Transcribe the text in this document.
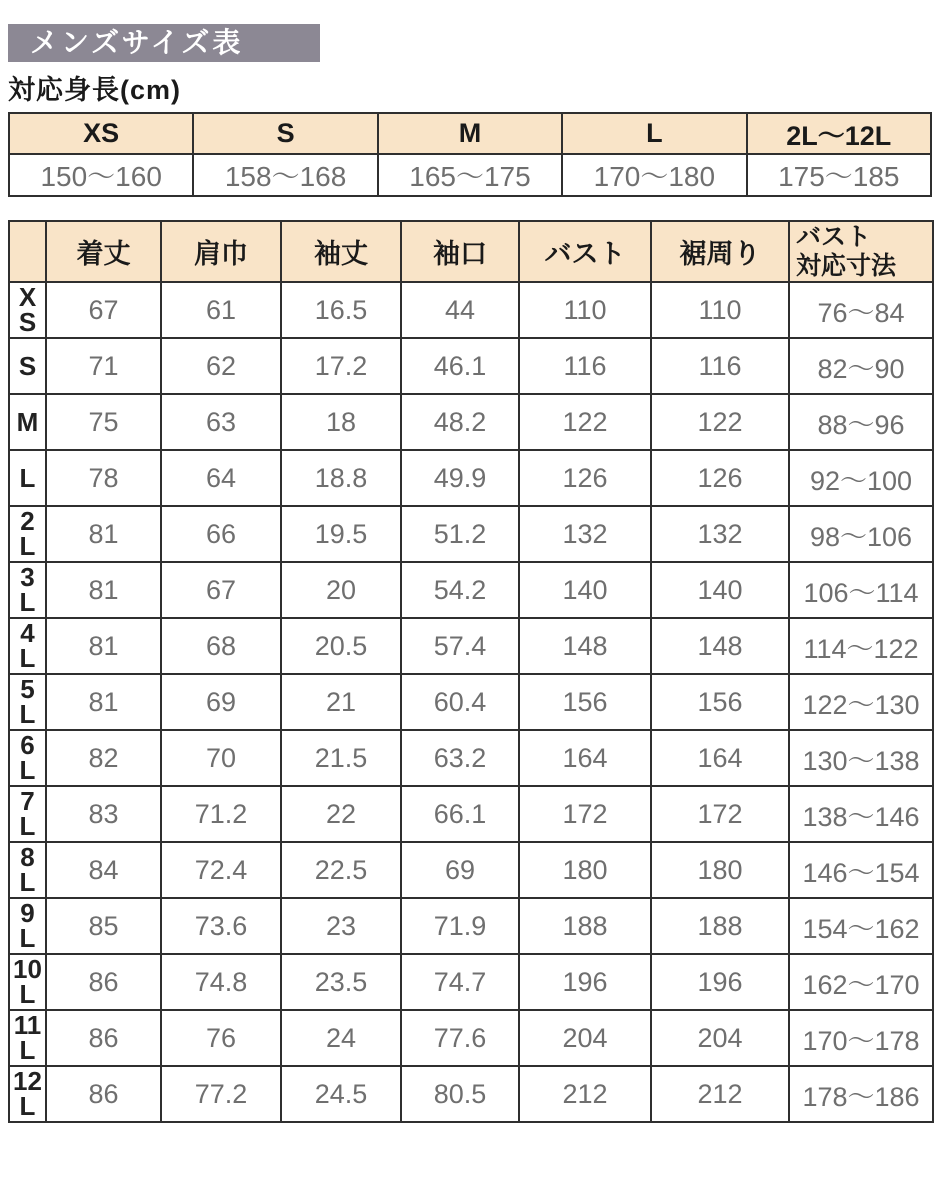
メンズサイズ表
対応身長(cm)
XS	S	M	L	2L～12L
150～160	158～168	165～175	170～180	175～185
	着丈	肩巾	袖丈	袖口	バスト	裾周り	バスト
対応寸法

X
S	67	61	16.5	44	110	110	76～84
S	71	62	17.2	46.1	116	116	82～90
M	75	63	18	48.2	122	122	88～96
L	78	64	18.8	49.9	126	126	92～100

2
L	81	66	19.5	51.2	132	132	98～106

3
L	81	67	20	54.2	140	140	106～114

4
L	81	68	20.5	57.4	148	148	114～122

5
L	81	69	21	60.4	156	156	122～130

6
L	82	70	21.5	63.2	164	164	130～138

7
L	83	71.2	22	66.1	172	172	138～146

8
L	84	72.4	22.5	69	180	180	146～154

9
L	85	73.6	23	71.9	188	188	154～162

10
L	86	74.8	23.5	74.7	196	196	162～170

11
L	86	76	24	77.6	204	204	170～178

12
L	86	77.2	24.5	80.5	212	212	178～186
